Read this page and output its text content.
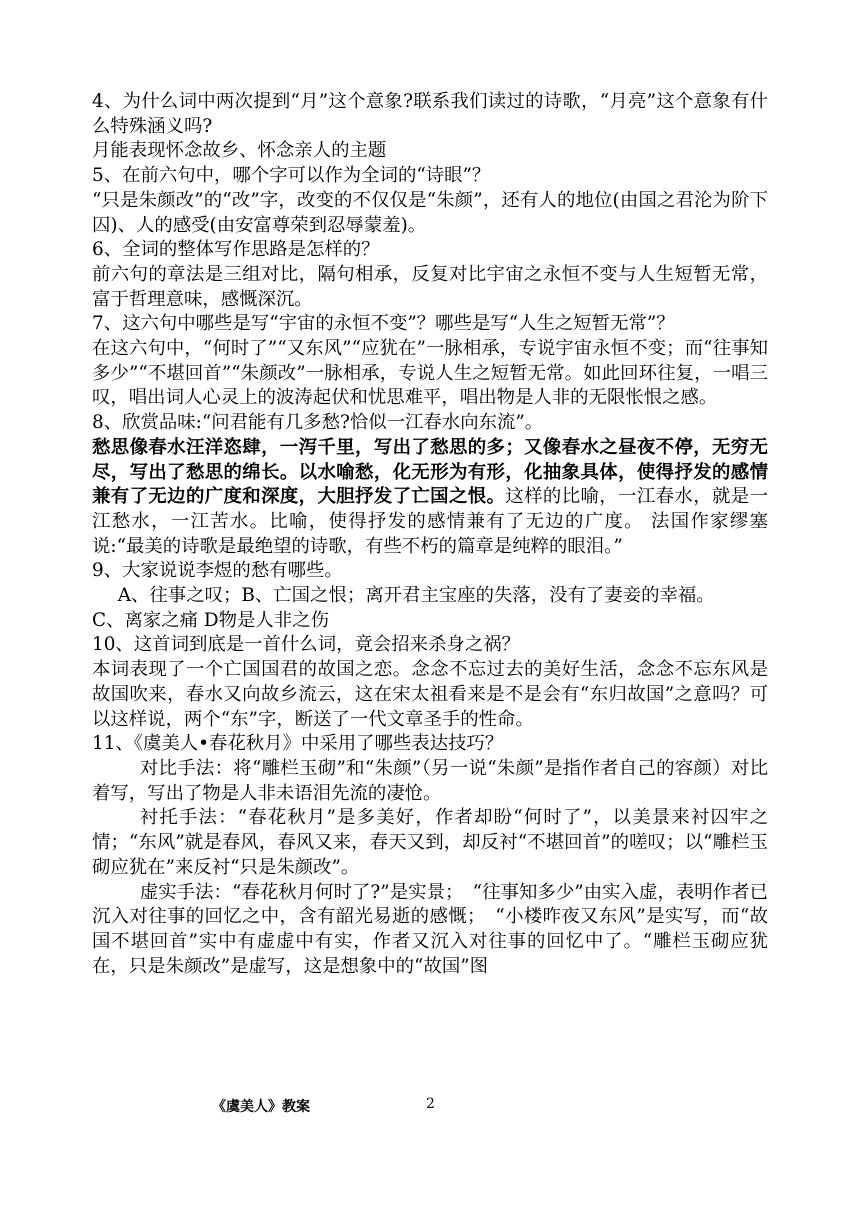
4、为什么词中两次提到“月”这个意象?联系我们读过的诗歌，“月亮”这个意象有什么特殊涵义吗?

月能表现怀念故乡、怀念亲人的主题

5、在前六句中，哪个字可以作为全词的“诗眼”？

“只是朱颜改”的“改”字，改变的不仅仅是“朱颜”，还有人的地位(由国之君沦为阶下囚)、人的感受(由安富尊荣到忍辱蒙羞)。

6、全词的整体写作思路是怎样的？

前六句的章法是三组对比，隔句相承，反复对比宇宙之永恒不变与人生短暂无常，富于哲理意味，感慨深沉。

7、这六句中哪些是写“宇宙的永恒不变”？哪些是写“人生之短暂无常”？

在这六句中，“何时了”“又东风”“应犹在”一脉相承，专说宇宙永恒不变；而“往事知多少”“不堪回首”“朱颜改”一脉相承，专说人生之短暂无常。如此回环往复，一唱三叹，唱出词人心灵上的波涛起伏和忧思难平，唱出物是人非的无限怅恨之感。

8、欣赏品味:“问君能有几多愁?恰似一江春水向东流”。

愁思像春水汪洋恣肆，一泻千里，写出了愁思的多；又像春水之昼夜不停，无穷无尽，写出了愁思的绵长。以水喻愁，化无形为有形，化抽象具体，使得抒发的感情兼有了无边的广度和深度，大胆抒发了亡国之恨。这样的比喻，一江春水，就是一江愁水，一江苦水。比喻，使得抒发的感情兼有了无边的广度。 法国作家缪塞说:“最美的诗歌是最绝望的诗歌，有些不朽的篇章是纯粹的眼泪。”

9、大家说说李煜的愁有哪些。

A、往事之叹；B、亡国之恨；离开君主宝座的失落，没有了妻妾的幸福。

C、离家之痛 D物是人非之伤

10、这首词到底是一首什么词，竟会招来杀身之祸？

本词表现了一个亡国国君的故国之恋。念念不忘过去的美好生活，念念不忘东风是故国吹来，春水又向故乡流云，这在宋太祖看来是不是会有“东归故国”之意吗？可以这样说，两个“东”字，断送了一代文章圣手的性命。

11、《虞美人•春花秋月》中采用了哪些表达技巧？

对比手法：将“雕栏玉砌”和“朱颜”（另一说“朱颜”是指作者自己的容颜）对比着写，写出了物是人非未语泪先流的凄怆。

衬托手法：“春花秋月”是多美好，作者却盼“何时了”，以美景来衬囚牢之情；“东风”就是春风，春风又来，春天又到，却反衬“不堪回首”的嗟叹；以“雕栏玉砌应犹在”来反衬“只是朱颜改”。

虚实手法：“春花秋月何时了?”是实景；　“往事知多少”由实入虚，表明作者已沉入对往事的回忆之中，含有韶光易逝的感慨；　“小楼昨夜又东风”是实写，而“故国不堪回首”实中有虚虚中有实，作者又沉入对往事的回忆中了。“雕栏玉砌应犹在，只是朱颜改”是虚写，这是想象中的“故国”图

《虞美人》教案	2
